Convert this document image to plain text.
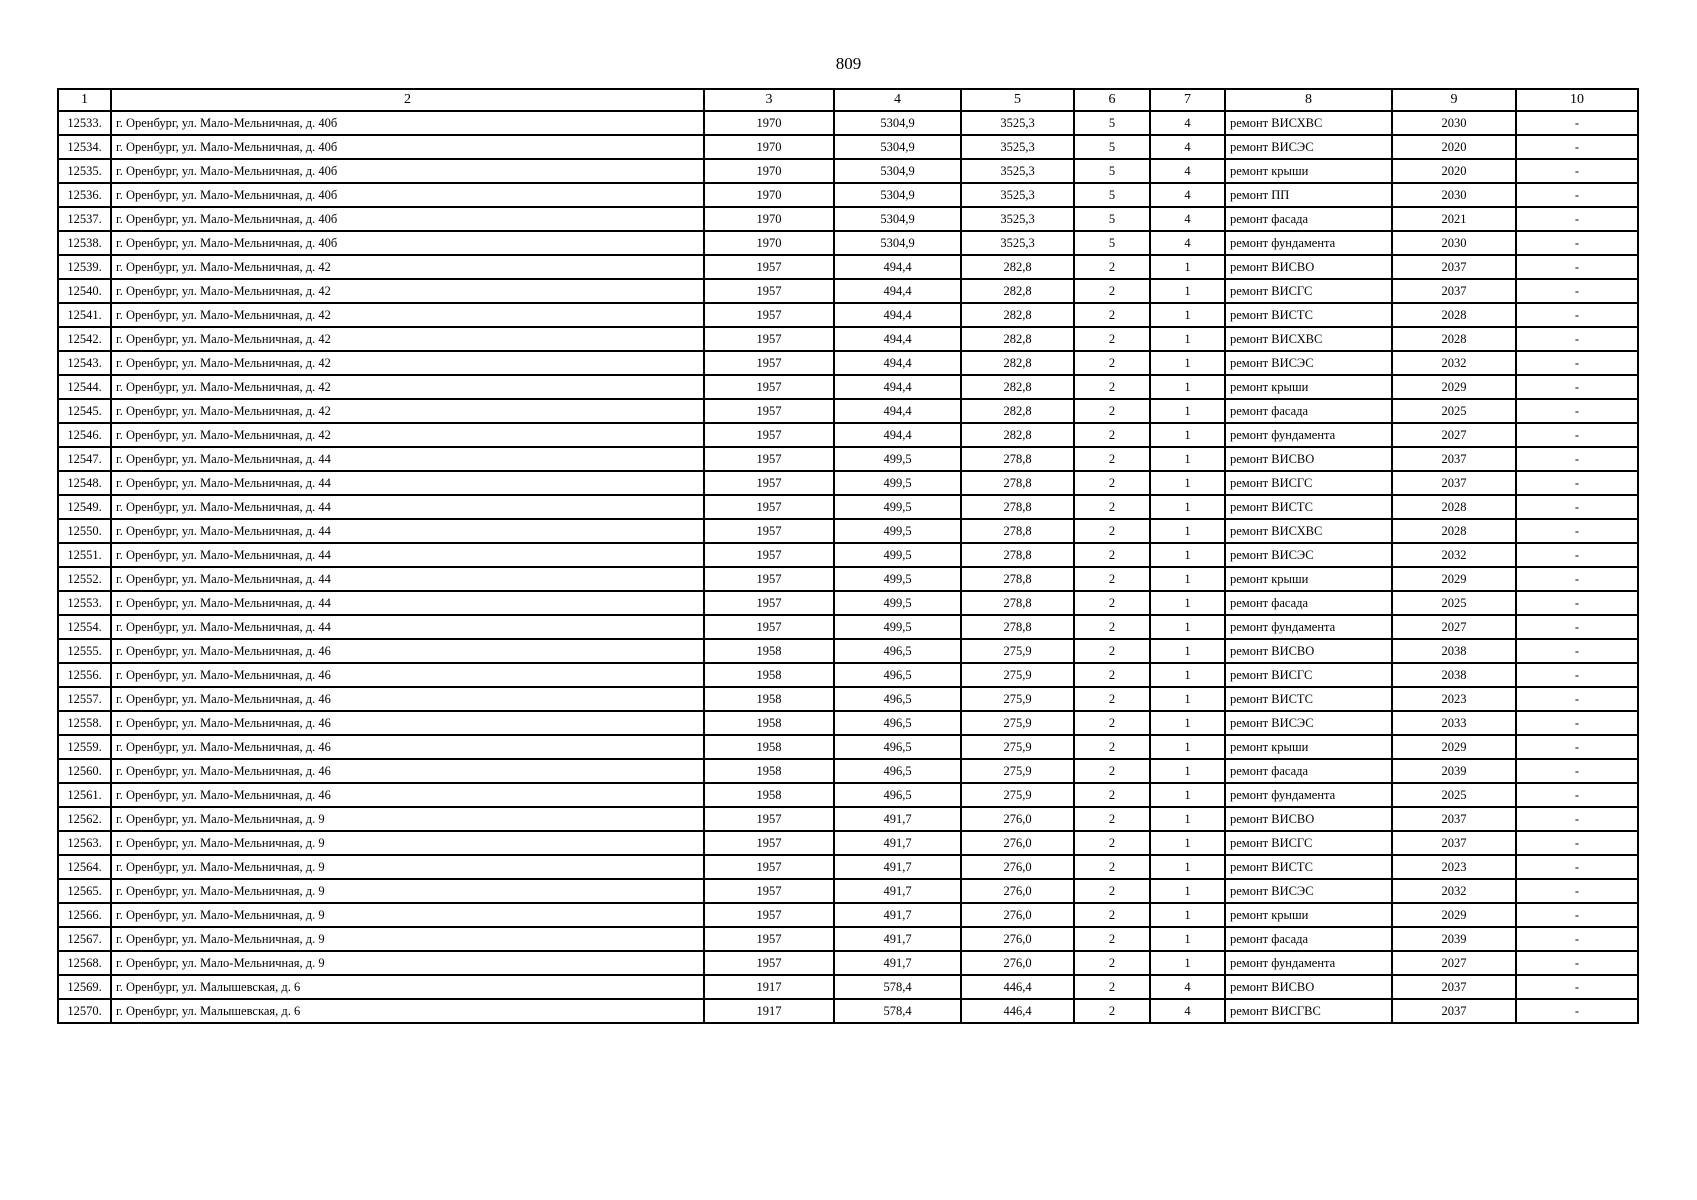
809
1	2	3	4	5	6	7	8	9	10
12533.	г. Оренбург, ул. Мало-Мельничная, д. 40б	1970	5304,9	3525,3	5	4	ремонт ВИСХВС	2030	-
12534.	г. Оренбург, ул. Мало-Мельничная, д. 40б	1970	5304,9	3525,3	5	4	ремонт ВИСЭС	2020	-
12535.	г. Оренбург, ул. Мало-Мельничная, д. 40б	1970	5304,9	3525,3	5	4	ремонт крыши	2020	-
12536.	г. Оренбург, ул. Мало-Мельничная, д. 40б	1970	5304,9	3525,3	5	4	ремонт ПП	2030	-
12537.	г. Оренбург, ул. Мало-Мельничная, д. 40б	1970	5304,9	3525,3	5	4	ремонт фасада	2021	-
12538.	г. Оренбург, ул. Мало-Мельничная, д. 40б	1970	5304,9	3525,3	5	4	ремонт фундамента	2030	-
12539.	г. Оренбург, ул. Мало-Мельничная, д. 42	1957	494,4	282,8	2	1	ремонт ВИСВО	2037	-
12540.	г. Оренбург, ул. Мало-Мельничная, д. 42	1957	494,4	282,8	2	1	ремонт ВИСГС	2037	-
12541.	г. Оренбург, ул. Мало-Мельничная, д. 42	1957	494,4	282,8	2	1	ремонт ВИСТС	2028	-
12542.	г. Оренбург, ул. Мало-Мельничная, д. 42	1957	494,4	282,8	2	1	ремонт ВИСХВС	2028	-
12543.	г. Оренбург, ул. Мало-Мельничная, д. 42	1957	494,4	282,8	2	1	ремонт ВИСЭС	2032	-
12544.	г. Оренбург, ул. Мало-Мельничная, д. 42	1957	494,4	282,8	2	1	ремонт крыши	2029	-
12545.	г. Оренбург, ул. Мало-Мельничная, д. 42	1957	494,4	282,8	2	1	ремонт фасада	2025	-
12546.	г. Оренбург, ул. Мало-Мельничная, д. 42	1957	494,4	282,8	2	1	ремонт фундамента	2027	-
12547.	г. Оренбург, ул. Мало-Мельничная, д. 44	1957	499,5	278,8	2	1	ремонт ВИСВО	2037	-
12548.	г. Оренбург, ул. Мало-Мельничная, д. 44	1957	499,5	278,8	2	1	ремонт ВИСГС	2037	-
12549.	г. Оренбург, ул. Мало-Мельничная, д. 44	1957	499,5	278,8	2	1	ремонт ВИСТС	2028	-
12550.	г. Оренбург, ул. Мало-Мельничная, д. 44	1957	499,5	278,8	2	1	ремонт ВИСХВС	2028	-
12551.	г. Оренбург, ул. Мало-Мельничная, д. 44	1957	499,5	278,8	2	1	ремонт ВИСЭС	2032	-
12552.	г. Оренбург, ул. Мало-Мельничная, д. 44	1957	499,5	278,8	2	1	ремонт крыши	2029	-
12553.	г. Оренбург, ул. Мало-Мельничная, д. 44	1957	499,5	278,8	2	1	ремонт фасада	2025	-
12554.	г. Оренбург, ул. Мало-Мельничная, д. 44	1957	499,5	278,8	2	1	ремонт фундамента	2027	-
12555.	г. Оренбург, ул. Мало-Мельничная, д. 46	1958	496,5	275,9	2	1	ремонт ВИСВО	2038	-
12556.	г. Оренбург, ул. Мало-Мельничная, д. 46	1958	496,5	275,9	2	1	ремонт ВИСГС	2038	-
12557.	г. Оренбург, ул. Мало-Мельничная, д. 46	1958	496,5	275,9	2	1	ремонт ВИСТС	2023	-
12558.	г. Оренбург, ул. Мало-Мельничная, д. 46	1958	496,5	275,9	2	1	ремонт ВИСЭС	2033	-
12559.	г. Оренбург, ул. Мало-Мельничная, д. 46	1958	496,5	275,9	2	1	ремонт крыши	2029	-
12560.	г. Оренбург, ул. Мало-Мельничная, д. 46	1958	496,5	275,9	2	1	ремонт фасада	2039	-
12561.	г. Оренбург, ул. Мало-Мельничная, д. 46	1958	496,5	275,9	2	1	ремонт фундамента	2025	-
12562.	г. Оренбург, ул. Мало-Мельничная, д. 9	1957	491,7	276,0	2	1	ремонт ВИСВО	2037	-
12563.	г. Оренбург, ул. Мало-Мельничная, д. 9	1957	491,7	276,0	2	1	ремонт ВИСГС	2037	-
12564.	г. Оренбург, ул. Мало-Мельничная, д. 9	1957	491,7	276,0	2	1	ремонт ВИСТС	2023	-
12565.	г. Оренбург, ул. Мало-Мельничная, д. 9	1957	491,7	276,0	2	1	ремонт ВИСЭС	2032	-
12566.	г. Оренбург, ул. Мало-Мельничная, д. 9	1957	491,7	276,0	2	1	ремонт крыши	2029	-
12567.	г. Оренбург, ул. Мало-Мельничная, д. 9	1957	491,7	276,0	2	1	ремонт фасада	2039	-
12568.	г. Оренбург, ул. Мало-Мельничная, д. 9	1957	491,7	276,0	2	1	ремонт фундамента	2027	-
12569.	г. Оренбург, ул. Малышевская, д. 6	1917	578,4	446,4	2	4	ремонт ВИСВО	2037	-
12570.	г. Оренбург, ул. Малышевская, д. 6	1917	578,4	446,4	2	4	ремонт ВИСГВС	2037	-
